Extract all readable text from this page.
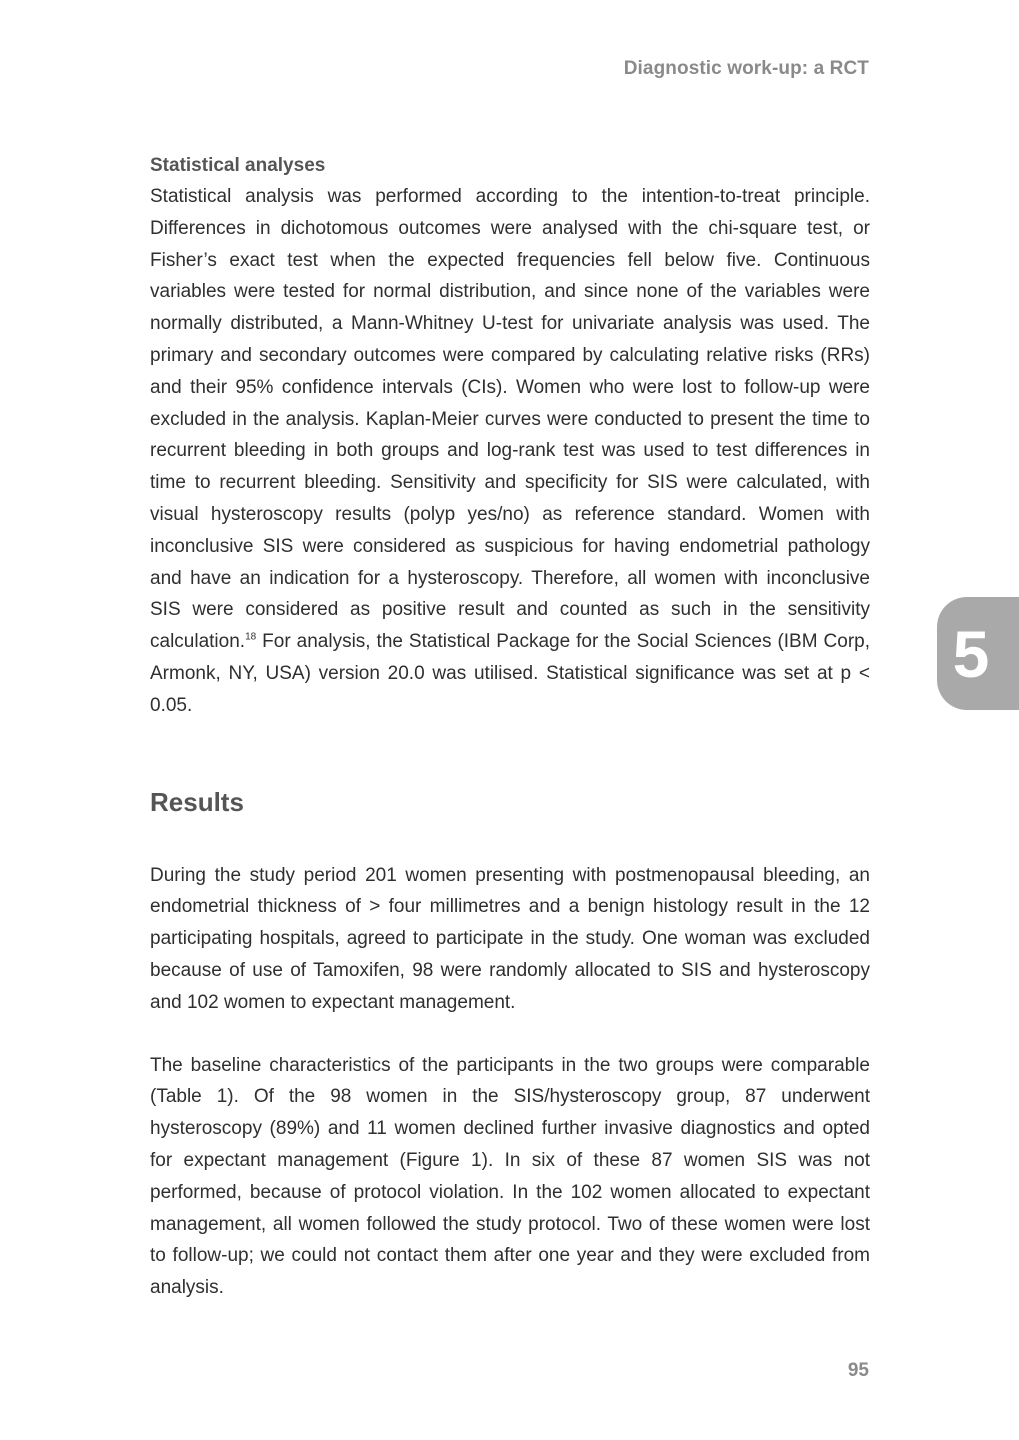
Diagnostic work-up: a RCT
Statistical analyses

Statistical analysis was performed according to the intention-to-treat principle. Differences in dichotomous outcomes were analysed with the chi-square test, or Fisher’s exact test when the expected frequencies fell below five. Continuous variables were tested for normal distribution, and since none of the variables were normally distributed, a Mann-Whitney U-test for univariate analysis was used. The primary and secondary outcomes were compared by calculating relative risks (RRs) and their 95% confidence intervals (CIs). Women who were lost to follow-up were excluded in the analysis. Kaplan-Meier curves were conducted to present the time to recurrent bleeding in both groups and log-rank test was used to test differences in time to recurrent bleeding. Sensitivity and specificity for SIS were calculated, with visual hysteroscopy results (polyp yes/no) as reference standard. Women with inconclusive SIS were considered as suspicious for having endometrial pathology and have an indication for a hysteroscopy. Therefore, all women with inconclusive SIS were considered as positive result and counted as such in the sensitivity calculation.$^{18}$ For analysis, the Statistical Package for the Social Sciences (IBM Corp, Armonk, NY, USA) version 20.0 was utilised. Statistical significance was set at p < 0.05.

Results

During the study period 201 women presenting with postmenopausal bleeding, an endometrial thickness of > four millimetres and a benign histology result in the 12 participating hospitals, agreed to participate in the study. One woman was excluded because of use of Tamoxifen, 98 were randomly allocated to SIS and hysteroscopy and 102 women to expectant management.

The baseline characteristics of the participants in the two groups were comparable (Table 1). Of the 98 women in the SIS/hysteroscopy group, 87 underwent hysteroscopy (89%) and 11 women declined further invasive diagnostics and opted for expectant management (Figure 1). In six of these 87 women SIS was not performed, because of protocol violation. In the 102 women allocated to expectant management, all women followed the study protocol. Two of these women were lost to follow-up; we could not contact them after one year and they were excluded from analysis.

5
95
